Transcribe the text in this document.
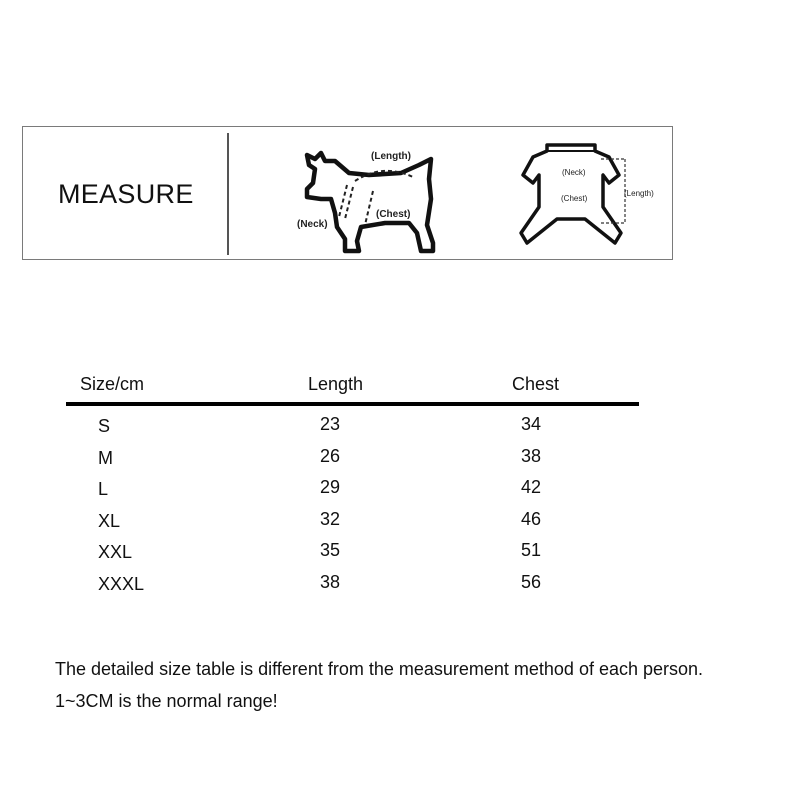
MEASURE
(Length)
(Neck)
(Chest)
(Neck)
(Chest)
(Length)
Size/cm	Length	Chest
S	23	34
M	26	38
L	29	42
XL	32	46
XXL	35	51
XXXL	38	56
The detailed size table is different from the measurement method of each person.
1~3CM is the normal range!
